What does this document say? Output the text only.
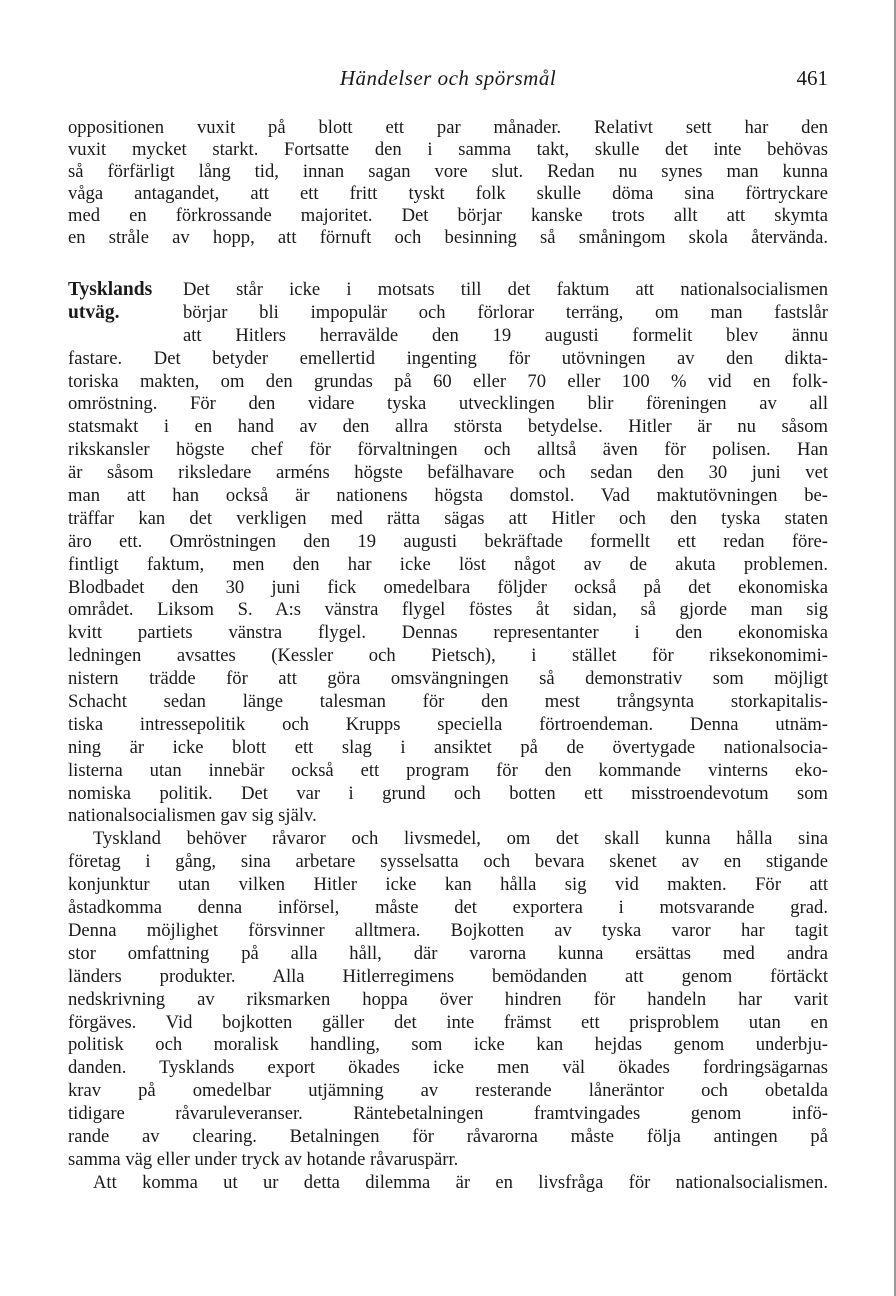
Händelser och spörsmål	461
oppositionen vuxit på blott ett par månader. Relativt sett har den
vuxit mycket starkt. Fortsatte den i samma takt, skulle det inte behövas
så förfärligt lång tid, innan sagan vore slut. Redan nu synes man kunna
våga antagandet, att ett fritt tyskt folk skulle döma sina förtryckare
med en förkrossande majoritet. Det börjar kanske trots allt att skymta
en stråle av hopp, att förnuft och besinning så småningom skola återvända.
Tysklands
utväg.
Det står icke i motsats till det faktum att nationalsocialismen
börjar bli impopulär och förlorar terräng, om man fastslår
att Hitlers herravälde den 19 augusti formelit blev ännu
fastare. Det betyder emellertid ingenting för utövningen av den dikta-
toriska makten, om den grundas på 60 eller 70 eller 100 % vid en folk-
omröstning. För den vidare tyska utvecklingen blir föreningen av all
statsmakt i en hand av den allra största betydelse. Hitler är nu såsom
rikskansler högste chef för förvaltningen och alltså även för polisen. Han
är såsom riksledare arméns högste befälhavare och sedan den 30 juni vet
man att han också är nationens högsta domstol. Vad maktutövningen be-
träffar kan det verkligen med rätta sägas att Hitler och den tyska staten
äro ett. Omröstningen den 19 augusti bekräftade formellt ett redan före-
fintligt faktum, men den har icke löst något av de akuta problemen.
Blodbadet den 30 juni fick omedelbara följder också på det ekonomiska
området. Liksom S. A:s vänstra flygel föstes åt sidan, så gjorde man sig
kvitt partiets vänstra flygel. Dennas representanter i den ekonomiska
ledningen avsattes (Kessler och Pietsch), i stället för riksekonomimi-
nistern trädde för att göra omsvängningen så demonstrativ som möjligt
Schacht sedan länge talesman för den mest trångsynta storkapitalis-
tiska intressepolitik och Krupps speciella förtroendeman. Denna utnäm-
ning är icke blott ett slag i ansiktet på de övertygade nationalsocia-
listerna utan innebär också ett program för den kommande vinterns eko-
nomiska politik. Det var i grund och botten ett misstroendevotum som
nationalsocialismen gav sig själv.
Tyskland behöver råvaror och livsmedel, om det skall kunna hålla sina
företag i gång, sina arbetare sysselsatta och bevara skenet av en stigande
konjunktur utan vilken Hitler icke kan hålla sig vid makten. För att
åstadkomma denna införsel, måste det exportera i motsvarande grad.
Denna möjlighet försvinner alltmera. Bojkotten av tyska varor har tagit
stor omfattning på alla håll, där varorna kunna ersättas med andra
länders produkter. Alla Hitlerregimens bemödanden att genom förtäckt
nedskrivning av riksmarken hoppa över hindren för handeln har varit
förgäves. Vid bojkotten gäller det inte främst ett prisproblem utan en
politisk och moralisk handling, som icke kan hejdas genom underbju-
danden. Tysklands export ökades icke men väl ökades fordringsägarnas
krav på omedelbar utjämning av resterande låneräntor och obetalda
tidigare råvaruleveranser. Räntebetalningen framtvingades genom infö-
rande av clearing. Betalningen för råvarorna måste följa antingen på
samma väg eller under tryck av hotande råvaruspärr.
Att komma ut ur detta dilemma är en livsfråga för nationalsocialismen.
